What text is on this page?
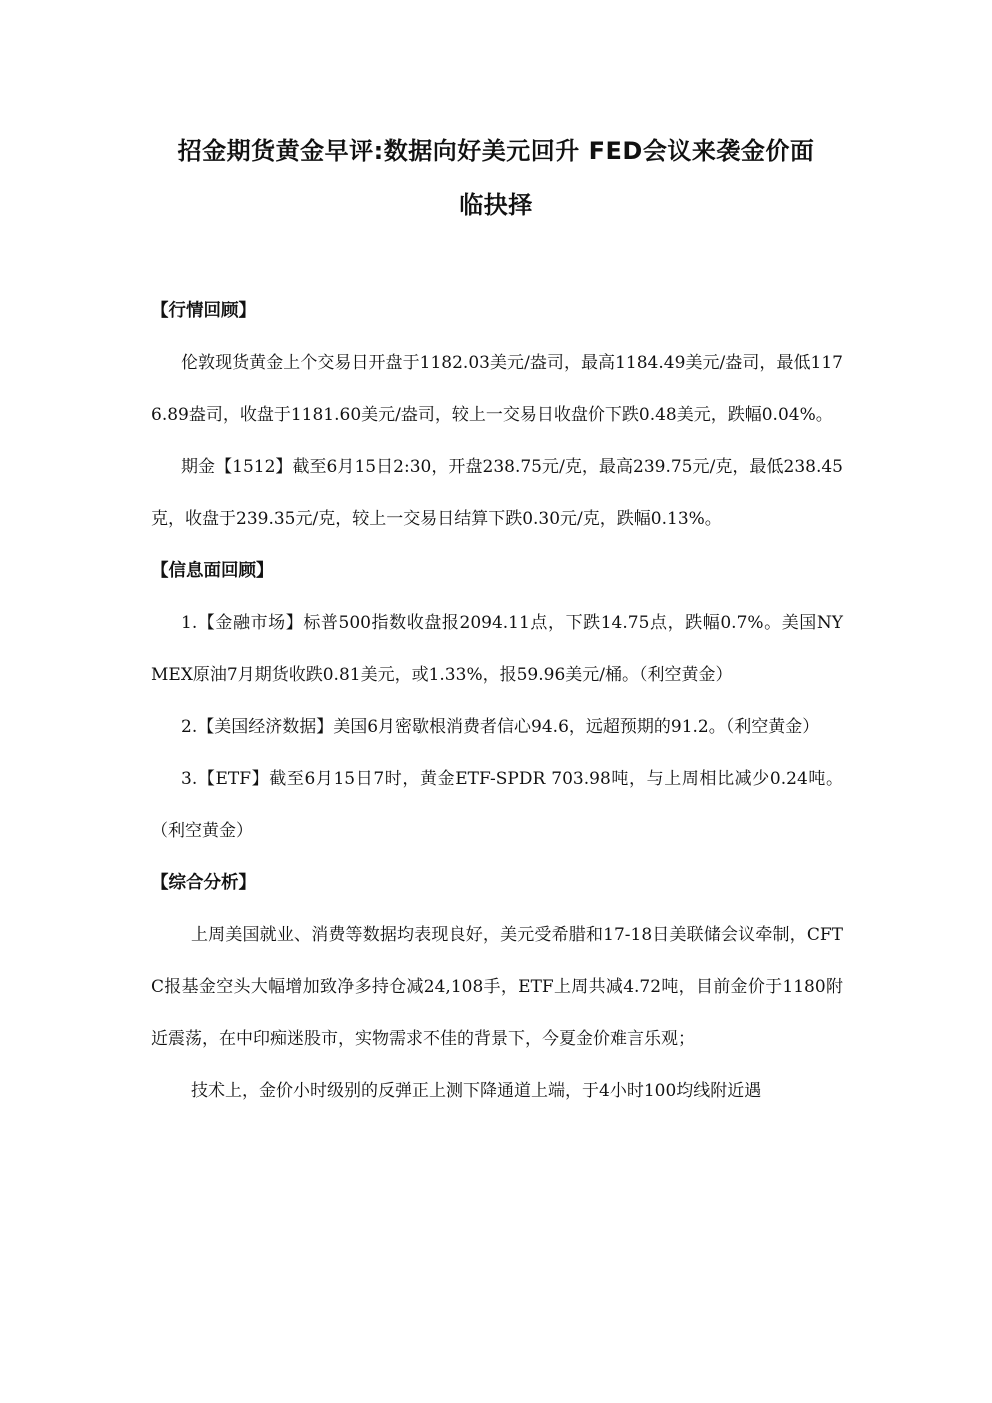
招金期货黄金早评:数据向好美元回升 FED会议来袭金价面
临抉择

【行情回顾】

伦敦现货黄金上个交易日开盘于1182.03美元/盎司，最高1184.49美元/盎司，最低1176.89盎司，收盘于1181.60美元/盎司，较上一交易日收盘价下跌0.48美元，跌幅0.04%。

期金【1512】截至6月15日2:30，开盘238.75元/克，最高239.75元/克，最低238.45克，收盘于239.35元/克，较上一交易日结算下跌0.30元/克，跌幅0.13%。

【信息面回顾】

1.【金融市场】标普500指数收盘报2094.11点，下跌14.75点，跌幅0.7%。美国NYMEX原油7月期货收跌0.81美元，或1.33%，报59.96美元/桶。（利空黄金）

2.【美国经济数据】美国6月密歇根消费者信心94.6，远超预期的91.2。（利空黄金）

3.【ETF】截至6月15日7时，黄金ETF-SPDR 703.98吨，与上周相比减少0.24吨。（利空黄金）

【综合分析】

上周美国就业、消费等数据均表现良好，美元受希腊和17-18日美联储会议牵制，CFTC报基金空头大幅增加致净多持仓减24,108手，ETF上周共减4.72吨，目前金价于1180附近震荡，在中印痴迷股市，实物需求不佳的背景下，今夏金价难言乐观；

技术上，金价小时级别的反弹正上测下降通道上端，于4小时100均线附近遇
